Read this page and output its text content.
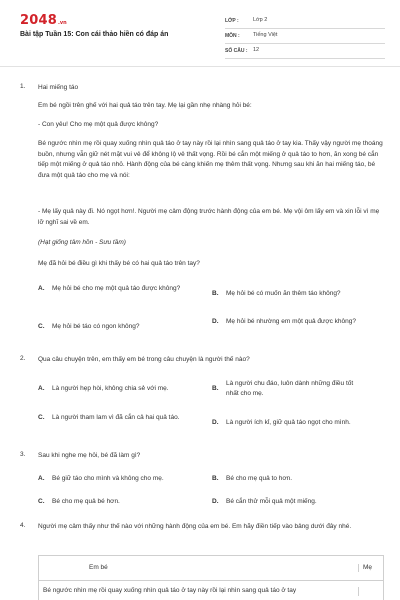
2048 .vn
Bài tập Tuần 15: Con cái thảo hiền có đáp án
LỚP :	Lớp 2
MÔN :	Tiếng Việt
SỐ CÂU :	12
1. Hai miếng táo
Em bé ngồi trên ghế với hai quả táo trên tay. Mẹ lại gần nhẹ nhàng hỏi bé:
- Con yêu! Cho mẹ một quả được không?
Bé ngước nhìn mẹ rồi quay xuống nhìn quả táo ở tay này rồi lại nhìn sang quả táo ở tay kia. Thấy vậy người mẹ thoáng buồn, nhưng vẫn giữ nét mặt vui vẻ để không lộ vẻ thất vọng. Rồi bé cắn một miếng ở quả táo to hơn, ăn xong bé cắn tiếp một miếng ở quả táo nhỏ. Hành động của bé càng khiến mẹ thêm thất vọng. Nhưng sau khi ăn hai miếng táo, bé đưa một quả táo cho mẹ và nói:
- Mẹ lấy quả này đi. Nó ngọt hơn!. Người mẹ cảm động trước hành động của em bé. Mẹ vội ôm lấy em và xin lỗi vì mẹ lỡ nghĩ sai về em.
(Hạt giống tâm hồn - Sưu tầm)
Mẹ đã hỏi bé điều gì khi thấy bé có hai quả táo trên tay?
A.	Mẹ hỏi bé cho mẹ một quả táo được không?
B.	Mẹ hỏi bé có muốn ăn thêm táo không?
C.	Mẹ hỏi bé táo có ngon không?
D.	Mẹ hỏi bé nhường em một quả được không?
2. Qua câu chuyện trên, em thấy em bé trong câu chuyện là người thế nào?
A.	Là người hẹp hòi, không chia sẻ với mẹ.	B.
Là người chu đáo, luôn dành những điều tốt nhất cho mẹ.
C.	Là người tham lam vì đã cắn cả hai quả táo.
D.	Là người ích kỉ, giữ quả táo ngọt cho mình.
3. Sau khi nghe mẹ hỏi, bé đã làm gì?
A.	Bé giữ táo cho mình và không cho mẹ.	B.	Bé cho mẹ quả to hơn.
C.	Bé cho mẹ quả bé hơn.	D.	Bé cắn thử mỗi quả một miếng.
4. Người mẹ cảm thấy như thế nào với những hành động của em bé. Em hãy điền tiếp vào bảng dưới đây nhé.
Em bé	Mẹ
Bé ngước nhìn mẹ rồi quay xuống nhìn quả táo ở tay này rồi lại nhìn sang quả táo ở tay
